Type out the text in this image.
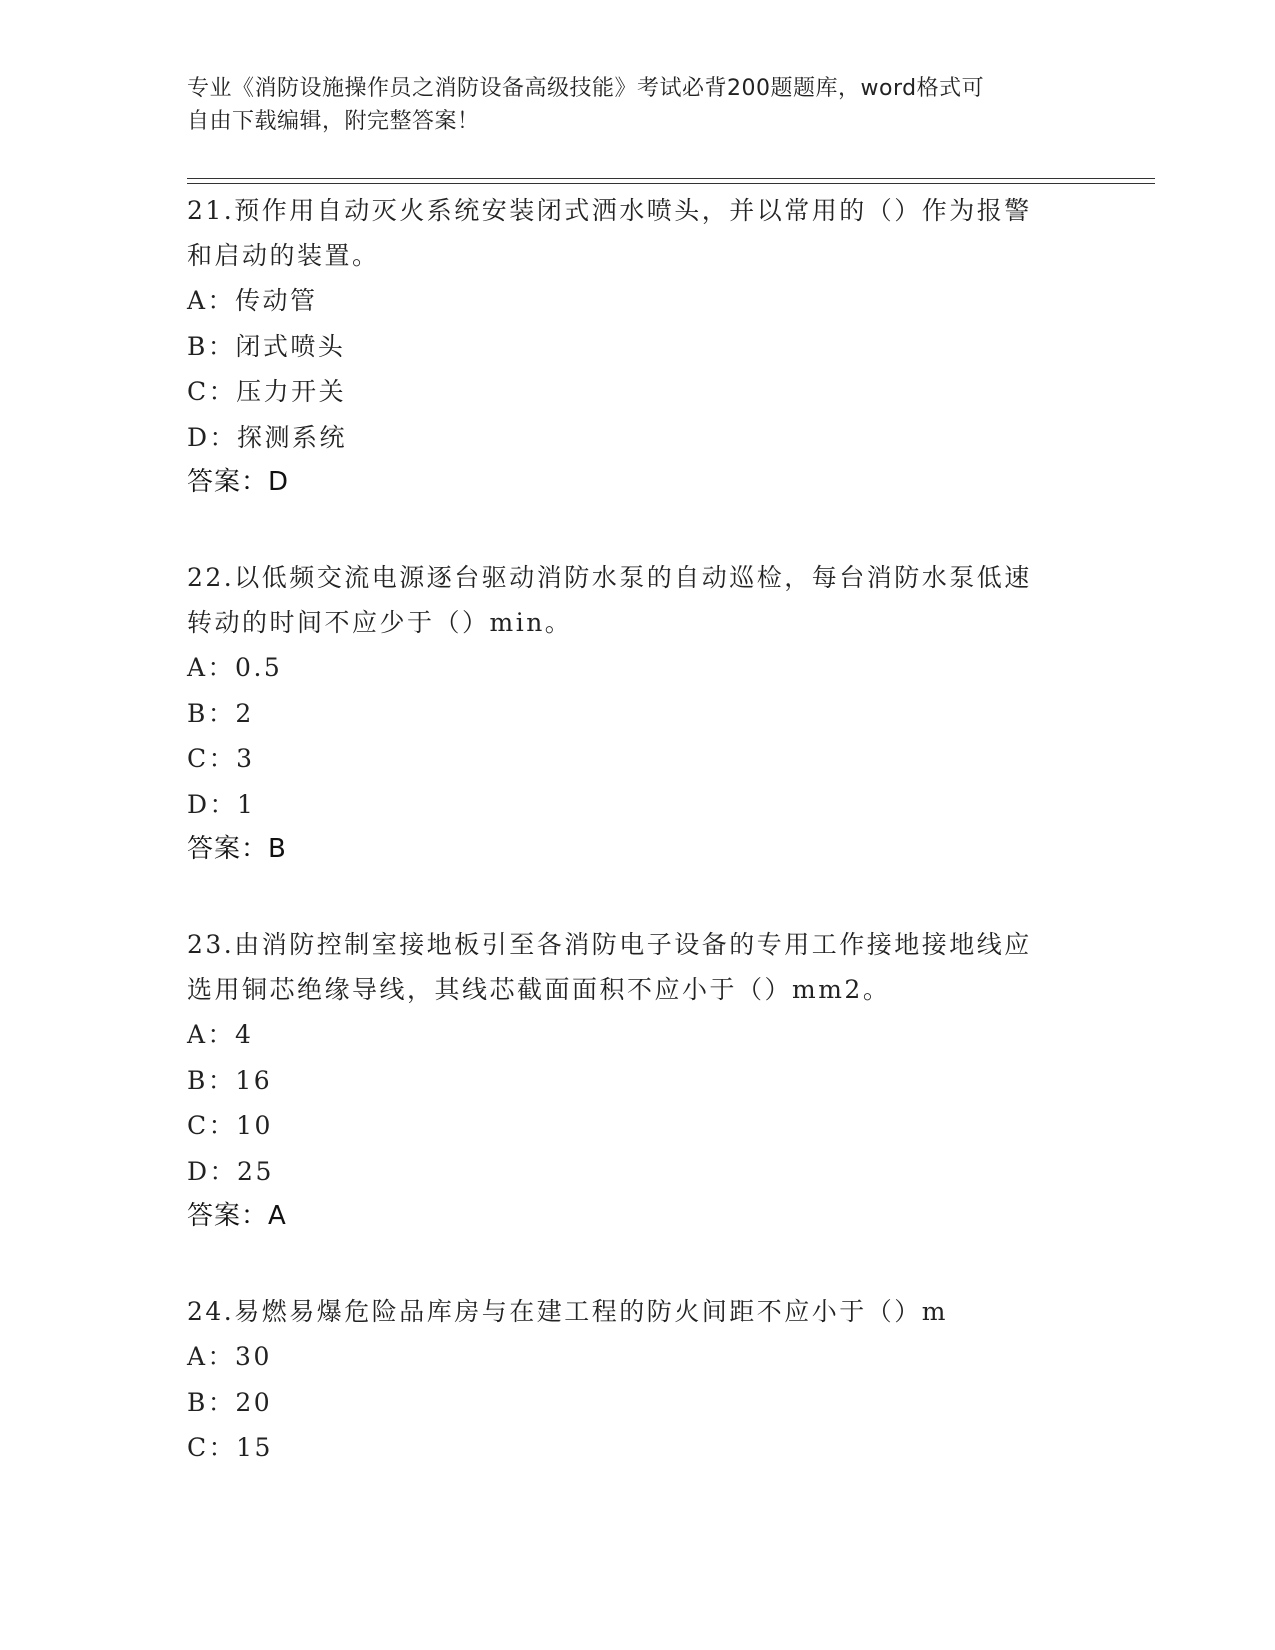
专业《消防设施操作员之消防设备高级技能》考试必背200题题库，word格式可
自由下载编辑，附完整答案！
21.预作用自动灭火系统安装闭式洒水喷头，并以常用的（）作为报警
和启动的装置。
A：传动管
B：闭式喷头
C：压力开关
D：探测系统
答案：D
22.以低频交流电源逐台驱动消防水泵的自动巡检，每台消防水泵低速
转动的时间不应少于（）min。
A：0.5
B：2
C：3
D：1
答案：B
23.由消防控制室接地板引至各消防电子设备的专用工作接地接地线应
选用铜芯绝缘导线，其线芯截面面积不应小于（）mm2。
A：4
B：16
C：10
D：25
答案：A
24.易燃易爆危险品库房与在建工程的防火间距不应小于（）m
A：30
B：20
C：15
